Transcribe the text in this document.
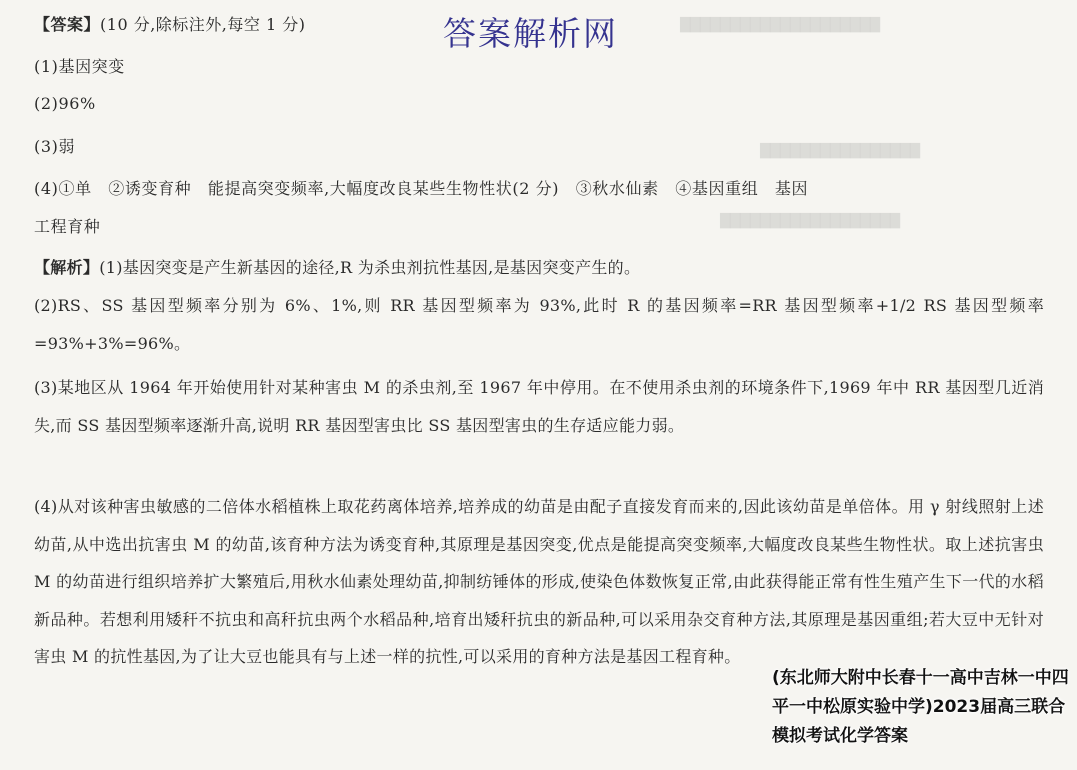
████████████████████
████████████████
██████████████████
【答案】(10 分,除标注外,每空 1 分)	答案解析网
(1)基因突变
(2)96%
(3)弱
(4)①单　②诱变育种　能提高突变频率,大幅度改良某些生物性状(2 分)　③秋水仙素　④基因重组　基因
工程育种
【解析】(1)基因突变是产生新基因的途径,R 为杀虫剂抗性基因,是基因突变产生的。
(2)RS、SS 基因型频率分别为 6%、1%,则 RR 基因型频率为 93%,此时 R 的基因频率=RR 基因型频率+1/2 RS 基因型频率=93%+3%=96%。
(3)某地区从 1964 年开始使用针对某种害虫 M 的杀虫剂,至 1967 年中停用。在不使用杀虫剂的环境条件下,1969 年中 RR 基因型几近消失,而 SS 基因型频率逐渐升高,说明 RR 基因型害虫比 SS 基因型害虫的生存适应能力弱。
(4)从对该种害虫敏感的二倍体水稻植株上取花药离体培养,培养成的幼苗是由配子直接发育而来的,因此该幼苗是单倍体。用 γ 射线照射上述幼苗,从中选出抗害虫 M 的幼苗,该育种方法为诱变育种,其原理是基因突变,优点是能提高突变频率,大幅度改良某些生物性状。取上述抗害虫 M 的幼苗进行组织培养扩大繁殖后,用秋水仙素处理幼苗,抑制纺锤体的形成,使染色体数恢复正常,由此获得能正常有性生殖产生下一代的水稻新品种。若想利用矮秆不抗虫和高秆抗虫两个水稻品种,培育出矮秆抗虫的新品种,可以采用杂交育种方法,其原理是基因重组;若大豆中无针对害虫 M 的抗性基因,为了让大豆也能具有与上述一样的抗性,可以采用的育种方法是基因工程育种。
(东北师大附中长春十一高中吉林一中四平一中松原实验中学)2023届高三联合模拟考试化学答案
